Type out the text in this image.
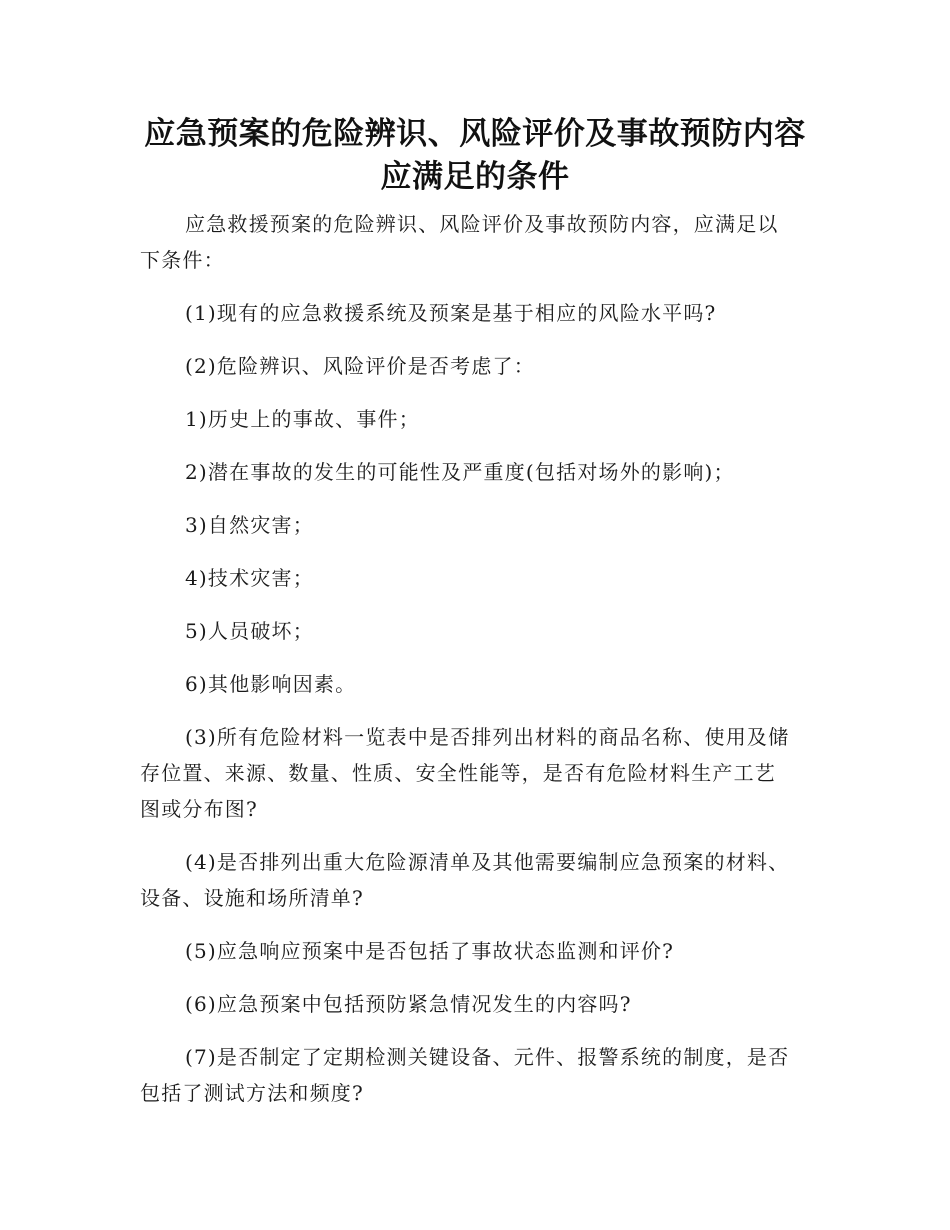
应急预案的危险辨识、风险评价及事故预防内容
应满足的条件
应急救援预案的危险辨识、风险评价及事故预防内容，应满足以
下条件：
(1)现有的应急救援系统及预案是基于相应的风险水平吗?
(2)危险辨识、风险评价是否考虑了：
1)历史上的事故、事件；
2)潜在事故的发生的可能性及严重度(包括对场外的影响)；
3)自然灾害；
4)技术灾害；
5)人员破坏；
6)其他影响因素。
(3)所有危险材料一览表中是否排列出材料的商品名称、使用及储
存位置、来源、数量、性质、安全性能等，是否有危险材料生产工艺
图或分布图?
(4)是否排列出重大危险源清单及其他需要编制应急预案的材料、
设备、设施和场所清单?
(5)应急响应预案中是否包括了事故状态监测和评价?
(6)应急预案中包括预防紧急情况发生的内容吗?
(7)是否制定了定期检测关键设备、元件、报警系统的制度，是否
包括了测试方法和频度?
